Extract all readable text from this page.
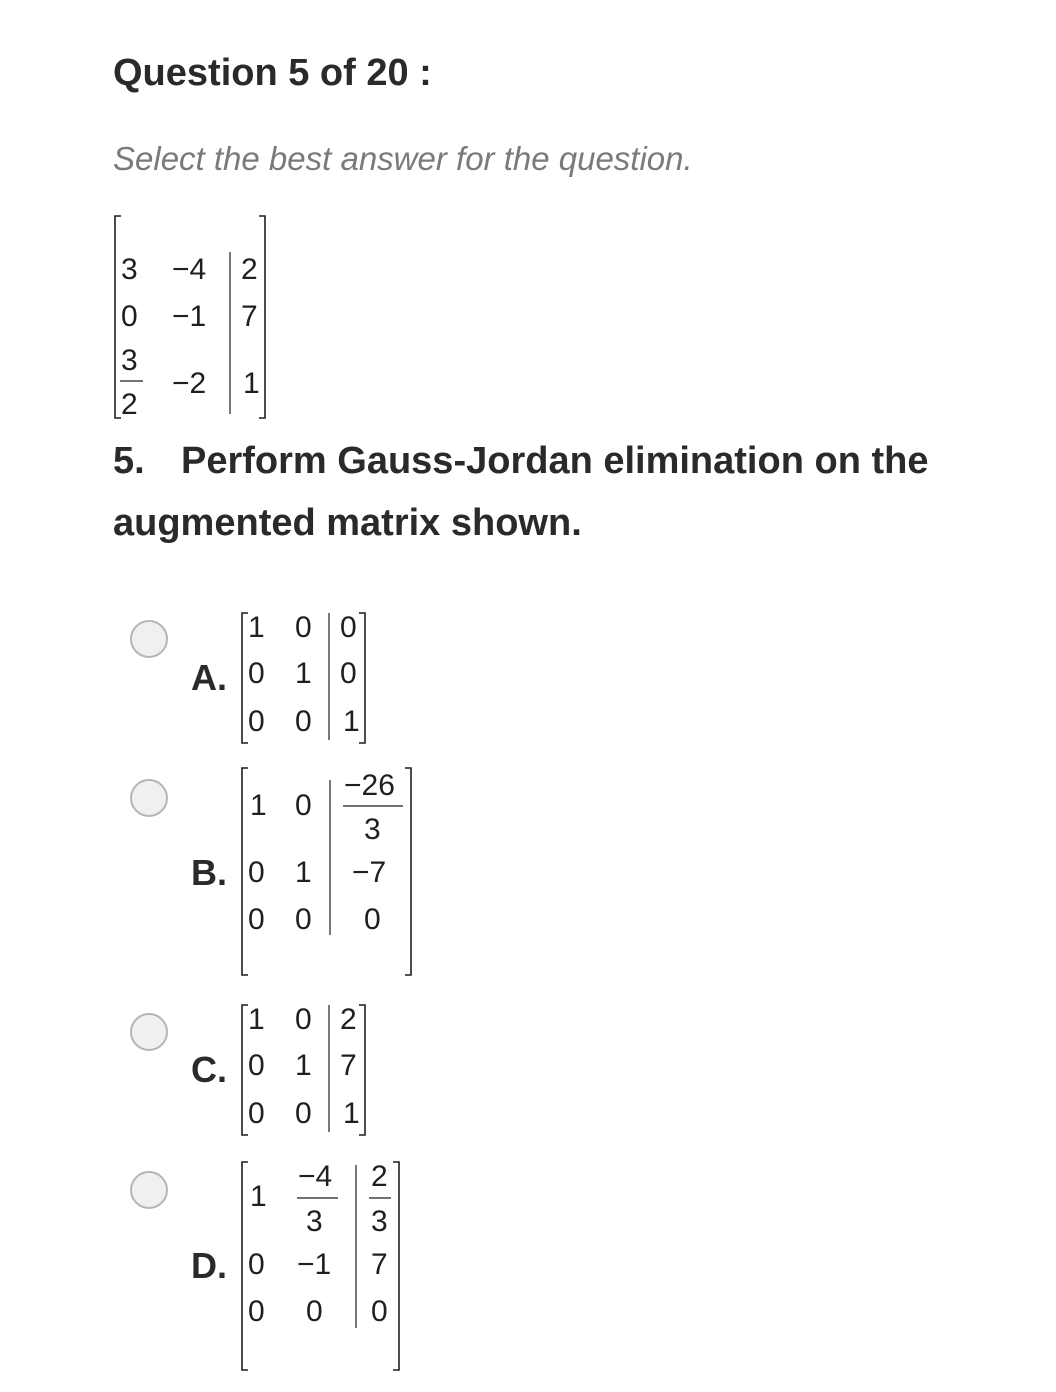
Question 5 of 20 :
Select the best answer for the question.
3 −4 2
0 −1 7
3
2
−2 1
1 0 0
0 1 0
0 0 1
1 0
−26
3
0 1 −7
0 0 0
1 0 2
0 1 7
0 0 1
1
−4
3
2
3
0 −1 7
0 0 0
5. Perform Gauss-Jordan elimination on the augmented matrix shown.
A.
B.
C.
D.
